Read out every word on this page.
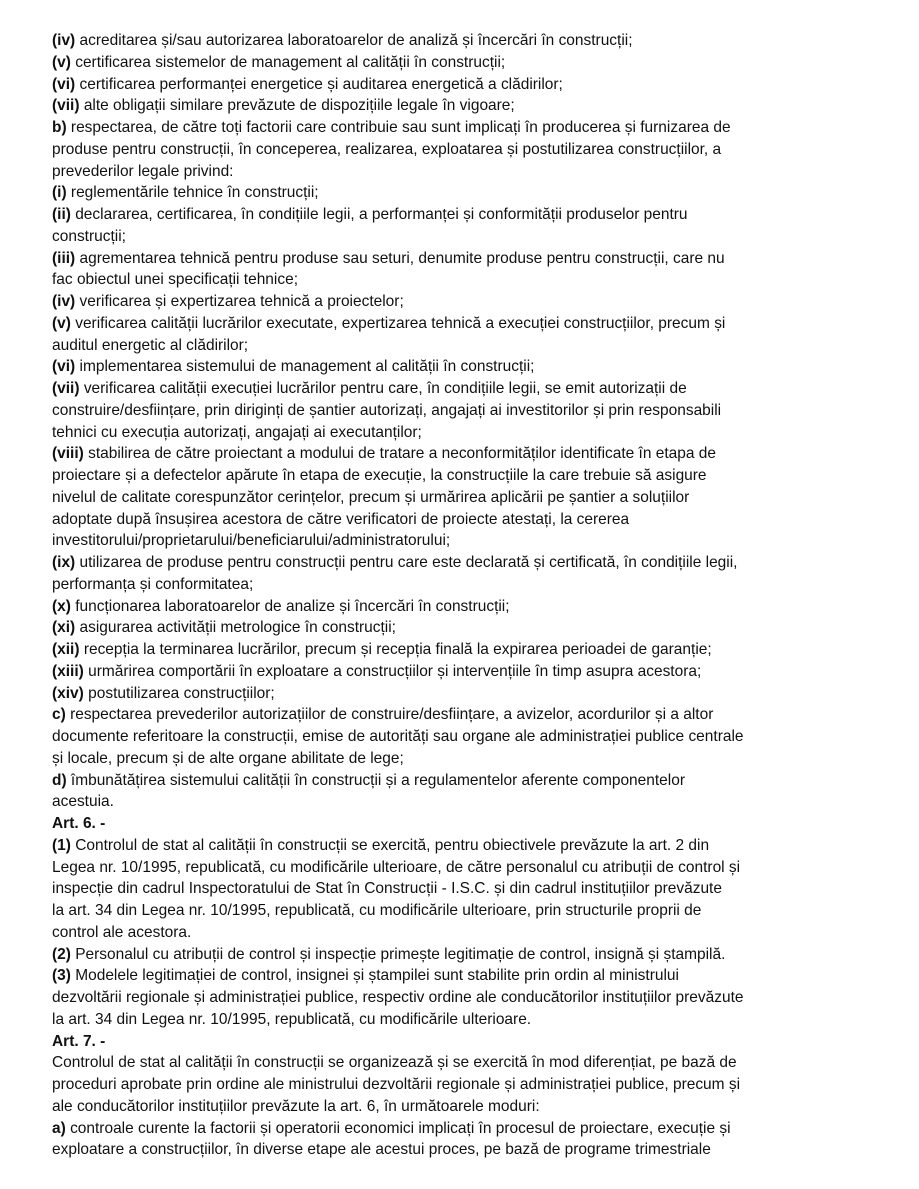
(iv) acreditarea și/sau autorizarea laboratoarelor de analiză și încercări în construcții;
(v) certificarea sistemelor de management al calității în construcții;
(vi) certificarea performanței energetice și auditarea energetică a clădirilor;
(vii) alte obligații similare prevăzute de dispozițiile legale în vigoare;
b) respectarea, de către toți factorii care contribuie sau sunt implicați în producerea și furnizarea de
produse pentru construcții, în conceperea, realizarea, exploatarea și postutilizarea construcțiilor, a
prevederilor legale privind:
(i) reglementările tehnice în construcții;
(ii) declararea, certificarea, în condițiile legii, a performanței și conformității produselor pentru
construcții;
(iii) agrementarea tehnică pentru produse sau seturi, denumite produse pentru construcții, care nu
fac obiectul unei specificații tehnice;
(iv) verificarea și expertizarea tehnică a proiectelor;
(v) verificarea calității lucrărilor executate, expertizarea tehnică a execuției construcțiilor, precum și
auditul energetic al clădirilor;
(vi) implementarea sistemului de management al calității în construcții;
(vii) verificarea calității execuției lucrărilor pentru care, în condițiile legii, se emit autorizații de
construire/desființare, prin diriginți de șantier autorizați, angajați ai investitorilor și prin responsabili
tehnici cu execuția autorizați, angajați ai executanților;
(viii) stabilirea de către proiectant a modului de tratare a neconformităților identificate în etapa de
proiectare și a defectelor apărute în etapa de execuție, la construcțiile la care trebuie să asigure
nivelul de calitate corespunzător cerințelor, precum și urmărirea aplicării pe șantier a soluțiilor
adoptate după însușirea acestora de către verificatori de proiecte atestați, la cererea
investitorului/proprietarului/beneficiarului/administratorului;
(ix) utilizarea de produse pentru construcții pentru care este declarată și certificată, în condițiile legii,
performanța și conformitatea;
(x) funcționarea laboratoarelor de analize și încercări în construcții;
(xi) asigurarea activității metrologice în construcții;
(xii) recepția la terminarea lucrărilor, precum și recepția finală la expirarea perioadei de garanție;
(xiii) urmărirea comportării în exploatare a construcțiilor și intervențiile în timp asupra acestora;
(xiv) postutilizarea construcțiilor;
c) respectarea prevederilor autorizațiilor de construire/desființare, a avizelor, acordurilor și a altor
documente referitoare la construcții, emise de autorități sau organe ale administrației publice centrale
și locale, precum și de alte organe abilitate de lege;
d) îmbunătățirea sistemului calității în construcții și a regulamentelor aferente componentelor
acestuia.
Art. 6. -
(1) Controlul de stat al calității în construcții se exercită, pentru obiectivele prevăzute la art. 2 din
Legea nr. 10/1995, republicată, cu modificările ulterioare, de către personalul cu atribuții de control și
inspecție din cadrul Inspectoratului de Stat în Construcții - I.S.C. și din cadrul instituțiilor prevăzute
la art. 34 din Legea nr. 10/1995, republicată, cu modificările ulterioare, prin structurile proprii de
control ale acestora.
(2) Personalul cu atribuții de control și inspecție primește legitimație de control, insignă și ștampilă.
(3) Modelele legitimației de control, insignei și ștampilei sunt stabilite prin ordin al ministrului
dezvoltării regionale și administrației publice, respectiv ordine ale conducătorilor instituțiilor prevăzute
la art. 34 din Legea nr. 10/1995, republicată, cu modificările ulterioare.
Art. 7. -
Controlul de stat al calității în construcții se organizează și se exercită în mod diferențiat, pe bază de
proceduri aprobate prin ordine ale ministrului dezvoltării regionale și administrației publice, precum și
ale conducătorilor instituțiilor prevăzute la art. 6, în următoarele moduri:
a) controale curente la factorii și operatorii economici implicați în procesul de proiectare, execuție și
exploatare a construcțiilor, în diverse etape ale acestui proces, pe bază de programe trimestriale
